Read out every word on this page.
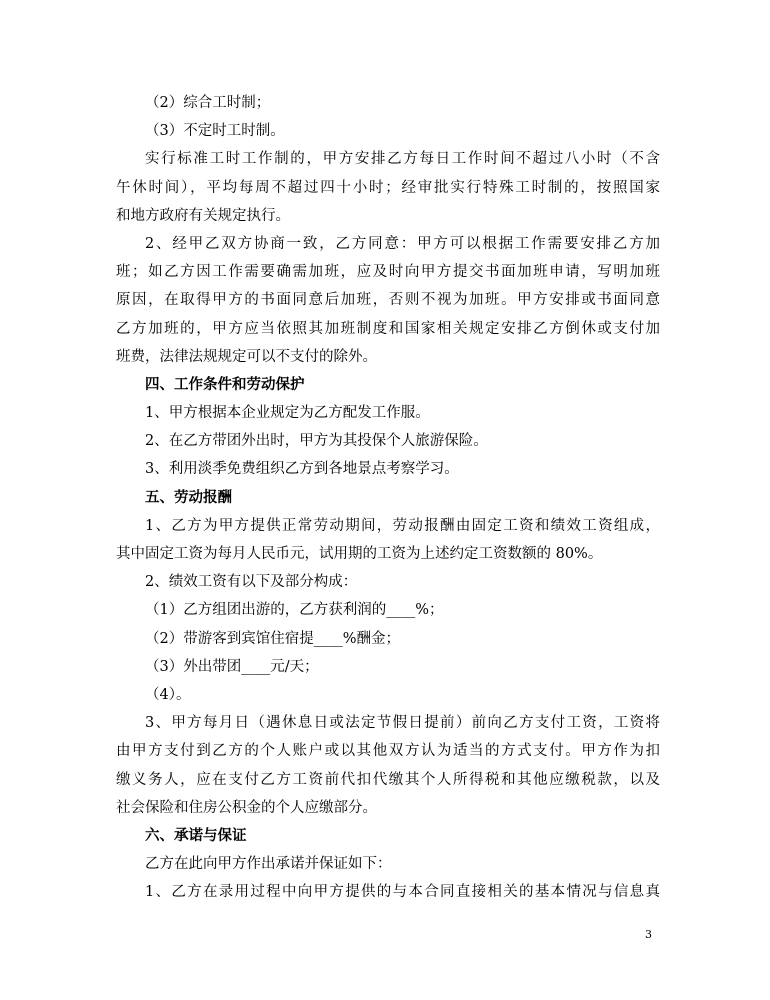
（2）综合工时制；
（3）不定时工时制。
实行标准工时工作制的，甲方安排乙方每日工作时间不超过八小时（不含
午休时间），平均每周不超过四十小时；经审批实行特殊工时制的，按照国家
和地方政府有关规定执行。
2、经甲乙双方协商一致，乙方同意：甲方可以根据工作需要安排乙方加
班；如乙方因工作需要确需加班，应及时向甲方提交书面加班申请，写明加班
原因，在取得甲方的书面同意后加班，否则不视为加班。甲方安排或书面同意
乙方加班的，甲方应当依照其加班制度和国家相关规定安排乙方倒休或支付加
班费，法律法规规定可以不支付的除外。
四、工作条件和劳动保护
1、甲方根据本企业规定为乙方配发工作服。
2、在乙方带团外出时，甲方为其投保个人旅游保险。
3、利用淡季免费组织乙方到各地景点考察学习。
五、劳动报酬
1、乙方为甲方提供正常劳动期间，劳动报酬由固定工资和绩效工资组成，
其中固定工资为每月人民币元，试用期的工资为上述约定工资数额的 80%。
2、绩效工资有以下及部分构成：
（1）乙方组团出游的，乙方获利润的____%；
（2）带游客到宾馆住宿提____%酬金；
（3）外出带团____元/天；
（4）。
3、甲方每月日（遇休息日或法定节假日提前）前向乙方支付工资，工资将
由甲方支付到乙方的个人账户或以其他双方认为适当的方式支付。甲方作为扣
缴义务人，应在支付乙方工资前代扣代缴其个人所得税和其他应缴税款，以及
社会保险和住房公积金的个人应缴部分。
六、承诺与保证
乙方在此向甲方作出承诺并保证如下：
1、乙方在录用过程中向甲方提供的与本合同直接相关的基本情况与信息真
3
